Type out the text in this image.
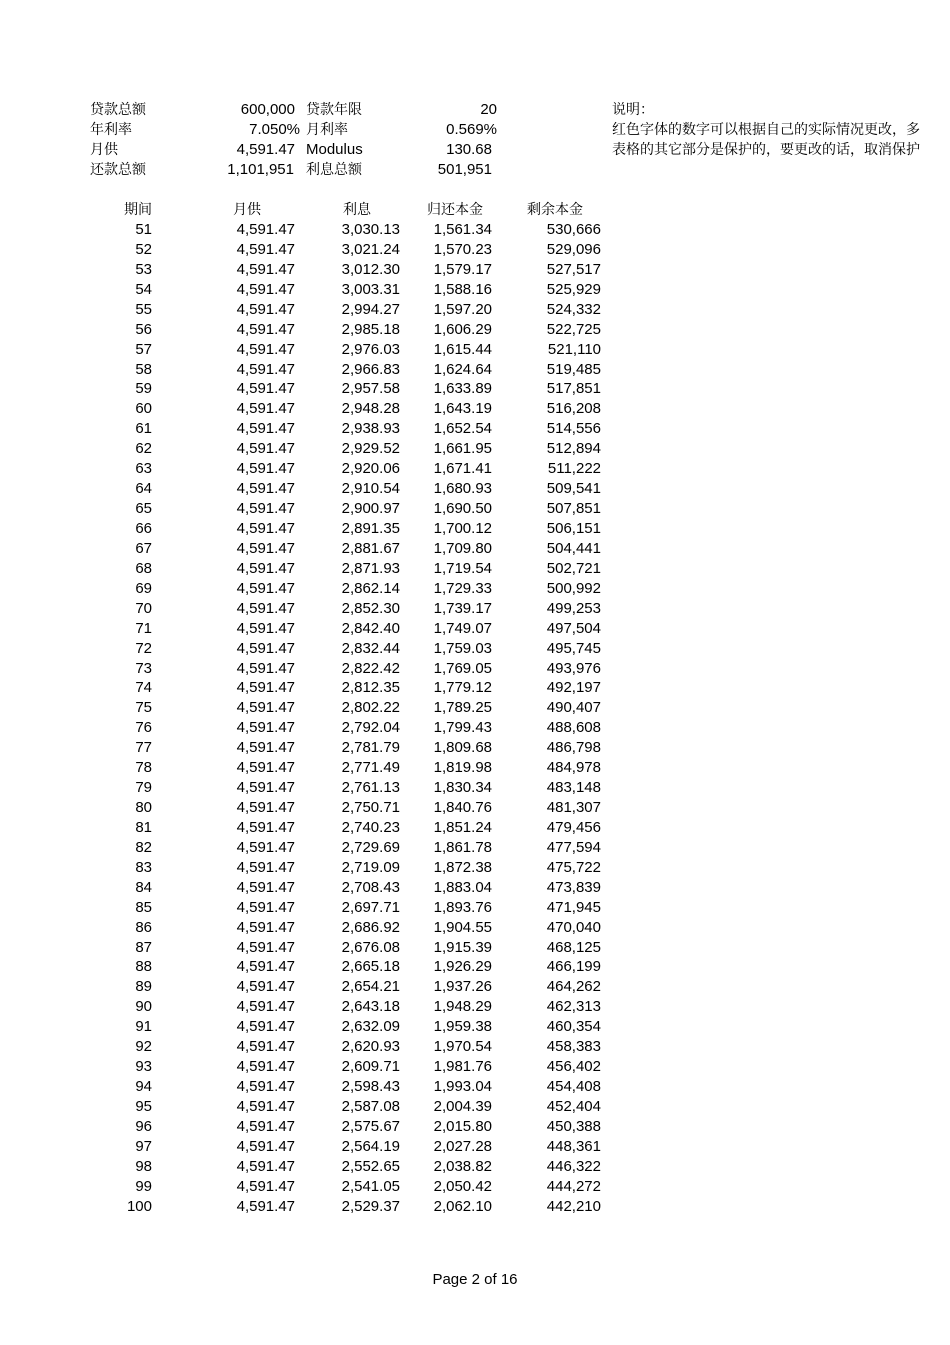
贷款总额	600,000 贷款年限	20
年利率	7.050% 月利率	0.569%
月供	4,591.47 Modulus	130.68
还款总额	1,101,951 利息总额	501,951
说明：
红色字体的数字可以根据自己的实际情况更改，多
表格的其它部分是保护的，要更改的话，取消保护
期间	月供	利息	归还本金	剩余本金
51	4,591.47	3,030.13	1,561.34	530,666
52	4,591.47	3,021.24	1,570.23	529,096
53	4,591.47	3,012.30	1,579.17	527,517
54	4,591.47	3,003.31	1,588.16	525,929
55	4,591.47	2,994.27	1,597.20	524,332
56	4,591.47	2,985.18	1,606.29	522,725
57	4,591.47	2,976.03	1,615.44	521,110
58	4,591.47	2,966.83	1,624.64	519,485
59	4,591.47	2,957.58	1,633.89	517,851
60	4,591.47	2,948.28	1,643.19	516,208
61	4,591.47	2,938.93	1,652.54	514,556
62	4,591.47	2,929.52	1,661.95	512,894
63	4,591.47	2,920.06	1,671.41	511,222
64	4,591.47	2,910.54	1,680.93	509,541
65	4,591.47	2,900.97	1,690.50	507,851
66	4,591.47	2,891.35	1,700.12	506,151
67	4,591.47	2,881.67	1,709.80	504,441
68	4,591.47	2,871.93	1,719.54	502,721
69	4,591.47	2,862.14	1,729.33	500,992
70	4,591.47	2,852.30	1,739.17	499,253
71	4,591.47	2,842.40	1,749.07	497,504
72	4,591.47	2,832.44	1,759.03	495,745
73	4,591.47	2,822.42	1,769.05	493,976
74	4,591.47	2,812.35	1,779.12	492,197
75	4,591.47	2,802.22	1,789.25	490,407
76	4,591.47	2,792.04	1,799.43	488,608
77	4,591.47	2,781.79	1,809.68	486,798
78	4,591.47	2,771.49	1,819.98	484,978
79	4,591.47	2,761.13	1,830.34	483,148
80	4,591.47	2,750.71	1,840.76	481,307
81	4,591.47	2,740.23	1,851.24	479,456
82	4,591.47	2,729.69	1,861.78	477,594
83	4,591.47	2,719.09	1,872.38	475,722
84	4,591.47	2,708.43	1,883.04	473,839
85	4,591.47	2,697.71	1,893.76	471,945
86	4,591.47	2,686.92	1,904.55	470,040
87	4,591.47	2,676.08	1,915.39	468,125
88	4,591.47	2,665.18	1,926.29	466,199
89	4,591.47	2,654.21	1,937.26	464,262
90	4,591.47	2,643.18	1,948.29	462,313
91	4,591.47	2,632.09	1,959.38	460,354
92	4,591.47	2,620.93	1,970.54	458,383
93	4,591.47	2,609.71	1,981.76	456,402
94	4,591.47	2,598.43	1,993.04	454,408
95	4,591.47	2,587.08	2,004.39	452,404
96	4,591.47	2,575.67	2,015.80	450,388
97	4,591.47	2,564.19	2,027.28	448,361
98	4,591.47	2,552.65	2,038.82	446,322
99	4,591.47	2,541.05	2,050.42	444,272
100	4,591.47	2,529.37	2,062.10	442,210
Page 2 of 16
